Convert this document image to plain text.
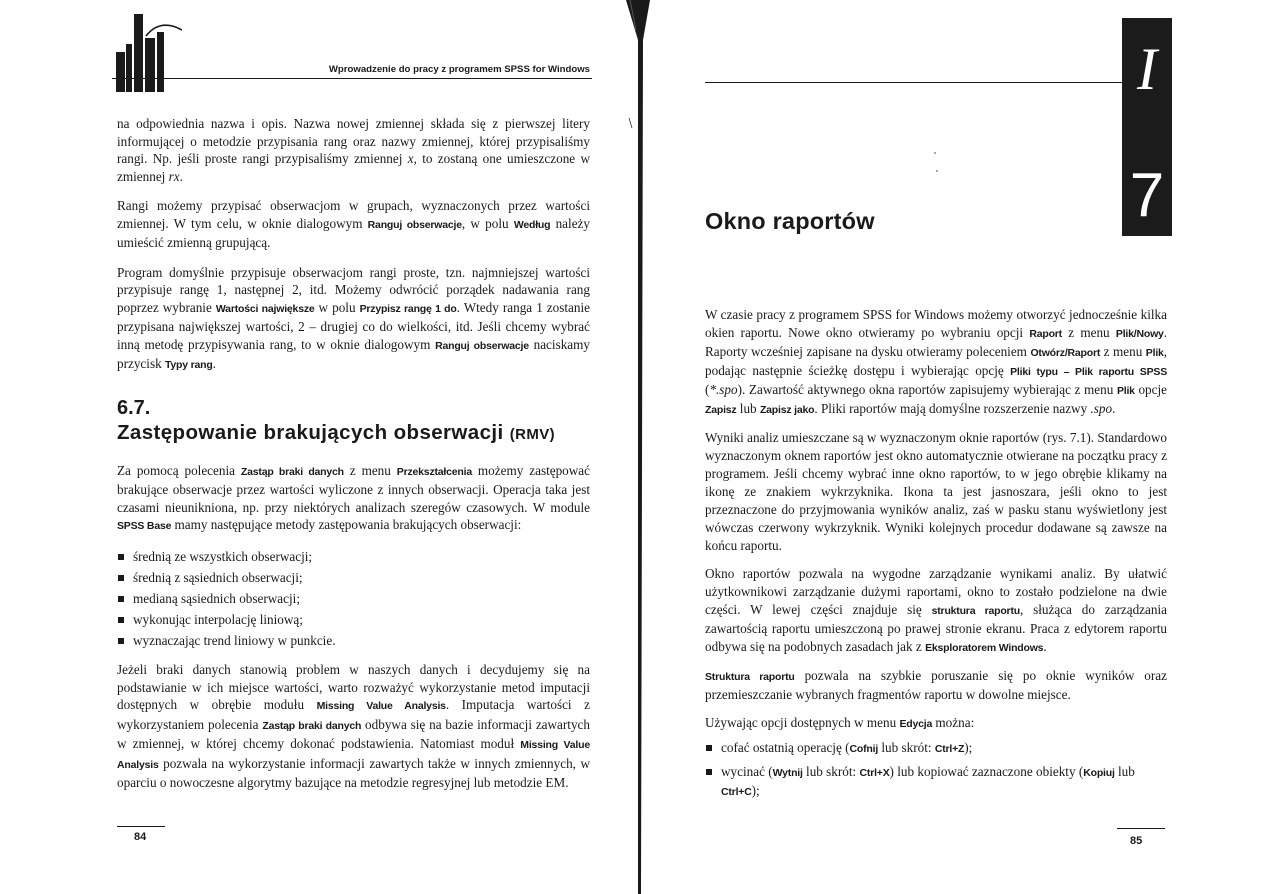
Wprowadzenie do pracy z programem SPSS for Windows

na odpowiednia nazwa i opis. Nazwa nowej zmiennej składa się z pierwszej litery informującej o metodzie przypisania rang oraz nazwy zmiennej, której przypisaliśmy rangi. Np. jeśli proste rangi przypisaliśmy zmiennej x, to zostaną one umieszczone w zmiennej rx.

Rangi możemy przypisać obserwacjom w grupach, wyznaczonych przez wartości zmiennej. W tym celu, w oknie dialogowym Ranguj obserwacje, w polu Według należy umieścić zmienną grupującą.

Program domyślnie przypisuje obserwacjom rangi proste, tzn. najmniejszej wartości przypisuje rangę 1, następnej 2, itd. Możemy odwrócić porządek nadawania rang poprzez wybranie Wartości największe w polu Przypisz rangę 1 do. Wtedy ranga 1 zostanie przypisana największej wartości, 2 – drugiej co do wielkości, itd. Jeśli chcemy wybrać inną metodę przypisywania rang, to w oknie dialogowym Ranguj obserwacje naciskamy przycisk Typy rang.

6.7.
Zastępowanie brakujących obserwacji (RMV)

Za pomocą polecenia Zastąp braki danych z menu Przekształcenia możemy zastępować brakujące obserwacje przez wartości wyliczone z innych obserwacji. Operacja taka jest czasami nieunikniona, np. przy niektórych analizach szeregów czasowych. W module SPSS Base mamy następujące metody zastępowania brakujących obserwacji:

średnią ze wszystkich obserwacji;
średnią z sąsiednich obserwacji;
medianą sąsiednich obserwacji;
wykonując interpolację liniową;
wyznaczając trend liniowy w punkcie.

Jeżeli braki danych stanowią problem w naszych danych i decydujemy się na podstawianie w ich miejsce wartości, warto rozważyć wykorzystanie metod imputacji dostępnych w obrębie modułu Missing Value Analysis. Imputacja wartości z wykorzystaniem polecenia Zastąp braki danych odbywa się na bazie informacji zawartych w zmiennej, w której chcemy dokonać podstawienia. Natomiast moduł Missing Value Analysis pozwala na wykorzystanie informacji zawartych także w innych zmiennych, w oparciu o nowoczesne algorytmy bazujące na metodzie regresyjnej lub metodzie EM.

84
I
7
Okno raportów

W czasie pracy z programem SPSS for Windows możemy otworzyć jednocześnie kilka okien raportu. Nowe okno otwieramy po wybraniu opcji Raport z menu Plik/Nowy. Raporty wcześniej zapisane na dysku otwieramy poleceniem Otwórz/Raport z menu Plik, podając następnie ścieżkę dostępu i wybierając opcję Pliki typu – Plik raportu SPSS (*.spo). Zawartość aktywnego okna raportów zapisujemy wybierając z menu Plik opcje Zapisz lub Zapisz jako. Pliki raportów mają domyślne rozszerzenie nazwy .spo.

Wyniki analiz umieszczane są w wyznaczonym oknie raportów (rys. 7.1). Standardowo wyznaczonym oknem raportów jest okno automatycznie otwierane na początku pracy z programem. Jeśli chcemy wybrać inne okno raportów, to w jego obrębie klikamy na ikonę ze znakiem wykrzyknika. Ikona ta jest jasnoszara, jeśli okno to jest przeznaczone do przyjmowania wyników analiz, zaś w pasku stanu wyświetlony jest wówczas czerwony wykrzyknik. Wyniki kolejnych procedur dodawane są zawsze na końcu raportu.

Okno raportów pozwala na wygodne zarządzanie wynikami analiz. By ułatwić użytkownikowi zarządzanie dużymi raportami, okno to zostało podzielone na dwie części. W lewej części znajduje się struktura raportu, służąca do zarządzania zawartością raportu umieszczoną po prawej stronie ekranu. Praca z edytorem raportu odbywa się na podobnych zasadach jak z Eksploratorem Windows.

Struktura raportu pozwala na szybkie poruszanie się po oknie wyników oraz przemieszczanie wybranych fragmentów raportu w dowolne miejsce.

Używając opcji dostępnych w menu Edycja można:

cofać ostatnią operację (Cofnij lub skrót: Ctrl+Z);
wycinać (Wytnij lub skrót: Ctrl+X) lub kopiować zaznaczone obiekty (Kopiuj lub Ctrl+C);
85
